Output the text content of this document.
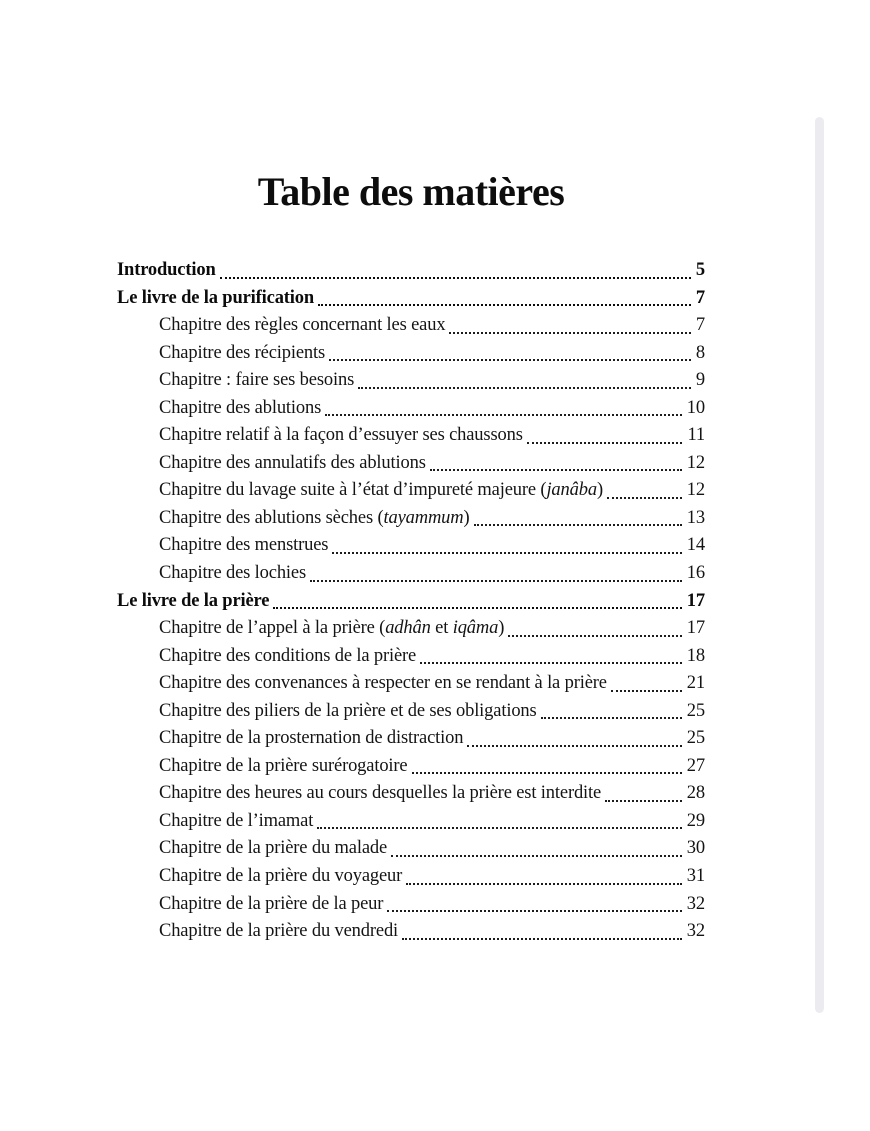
Table des matières
Introduction	5
Le livre de la purification	7
Chapitre des règles concernant les eaux	7
Chapitre des récipients	8
Chapitre : faire ses besoins	9
Chapitre des ablutions	10
Chapitre relatif à la façon d’essuyer ses chaussons	11
Chapitre des annulatifs des ablutions	12
Chapitre du lavage suite à l’état d’impureté majeure (janâba)	12
Chapitre des ablutions sèches (tayammum)	13
Chapitre des menstrues	14
Chapitre des lochies	16
Le livre de la prière	17
Chapitre de l’appel à la prière (adhân et iqâma)	17
Chapitre des conditions de la prière	18
Chapitre des convenances à respecter en se rendant à la prière	21
Chapitre des piliers de la prière et de ses obligations	25
Chapitre de la prosternation de distraction	25
Chapitre de la prière surérogatoire	27
Chapitre des heures au cours desquelles la prière est interdite	28
Chapitre de l’imamat	29
Chapitre de la prière du malade	30
Chapitre de la prière du voyageur	31
Chapitre de la prière de la peur	32
Chapitre de la prière du vendredi	32
